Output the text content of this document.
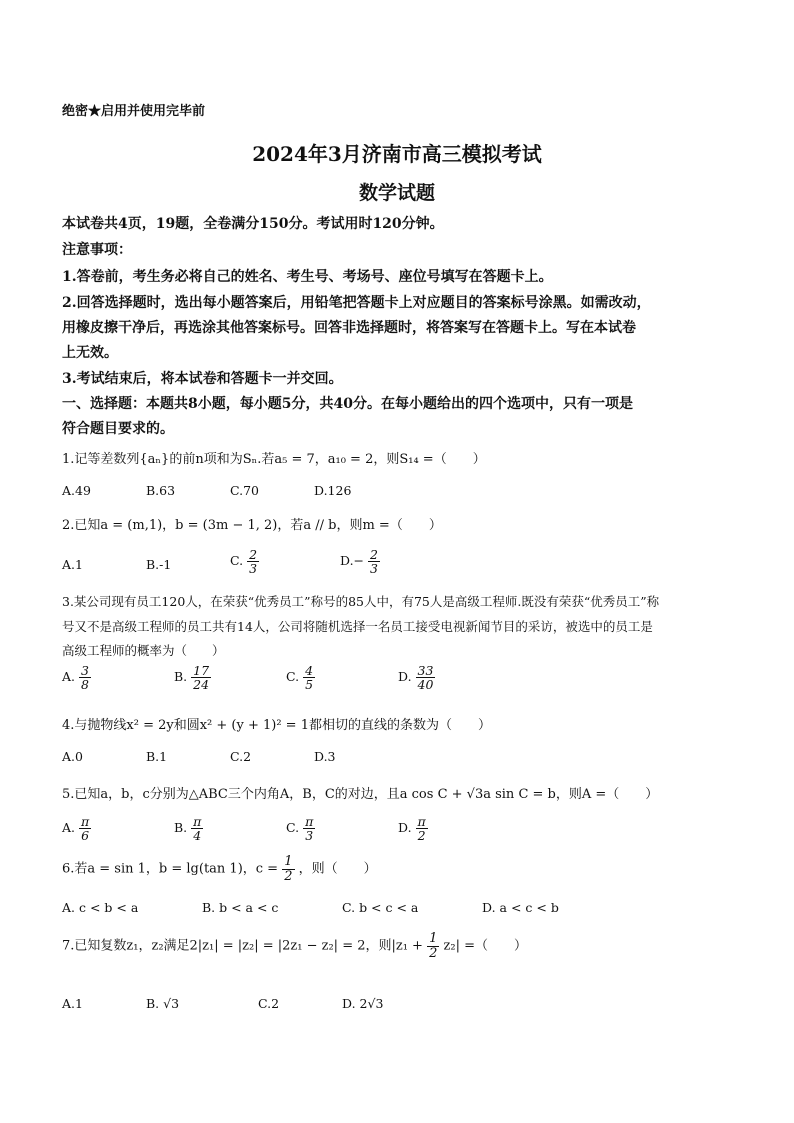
绝密★启用并使用完毕前
2024年3月济南市高三模拟考试
数学试题
本试卷共4页，19题，全卷满分150分。考试用时120分钟。
注意事项：
1.答卷前，考生务必将自己的姓名、考生号、考场号、座位号填写在答题卡上。
2.回答选择题时，选出每小题答案后，用铅笔把答题卡上对应题目的答案标号涂黑。如需改动，
用橡皮擦干净后，再选涂其他答案标号。回答非选择题时，将答案写在答题卡上。写在本试卷
上无效。
3.考试结束后，将本试卷和答题卡一并交回。
一、选择题：本题共8小题，每小题5分，共40分。在每小题给出的四个选项中，只有一项是
符合题目要求的。
1.记等差数列{aₙ}的前n项和为Sₙ.若a₅ = 7，a₁₀ = 2，则S₁₄ =（　　）
A.49	B.63	C.70	D.126
2.已知a = (m,1)，b = (3m − 1, 2)，若a // b，则m =（　　）
A.1	B.-1	C. $\frac{2}{3}$	$D.- \frac{2}{3}$
3.某公司现有员工120人，在荣获“优秀员工”称号的85人中，有75人是高级工程师.既没有荣获“优秀员工”称
号又不是高级工程师的员工共有14人，公司将随机选择一名员工接受电视新闻节目的采访，被选中的员工是
高级工程师的概率为（　　）
A. $\frac{3}{8}$	B. $\frac{17}{24}$	C. $\frac{4}{5}$	D. $\frac{33}{40}$
4.与抛物线x² = 2y和圆x² + (y + 1)² = 1都相切的直线的条数为（　　）
A.0	B.1	C.2	D.3
5.已知a，b，c分别为△ABC三个内角A，B，C的对边，且a cos C + √3a sin C = b，则A =（　　）
A. $\frac{\pi}{6}$	B. $\frac{\pi}{4}$	C. $\frac{\pi}{3}$	D. $\frac{\pi}{2}$
6.若a = sin 1，b = lg(tan 1)，$c = \frac{1}{2}$ ，则（　　）
A. c < b < a	B. b < a < c	C. b < c < a	D. a < c < b
7.已知复数z₁，z₂满足2|z₁| = |z₂| = |2z₁ − z₂| = 2，则$|z_1 + \frac{1}{2} z_2|$ =（　　）
A.1	B. √3	C.2	D. 2√3
